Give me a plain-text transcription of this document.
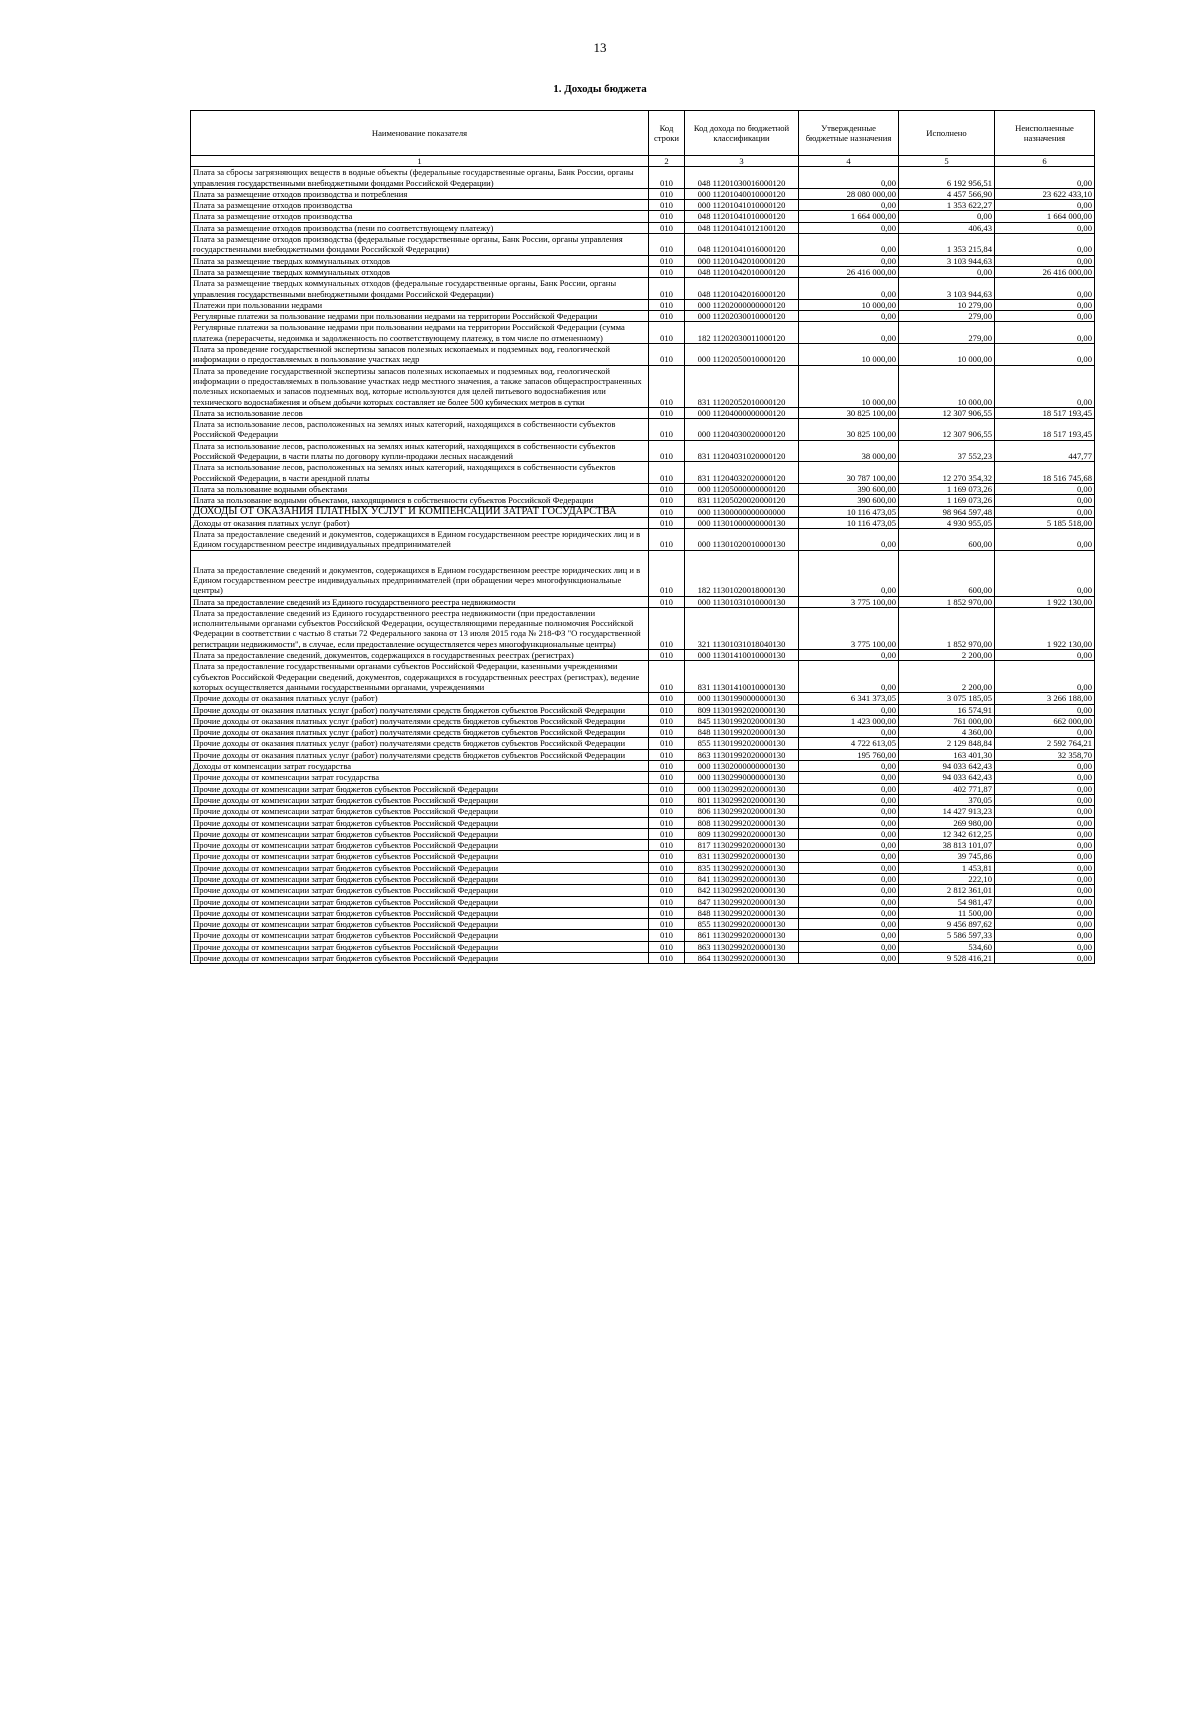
13
1. Доходы бюджета
Наименование показателя	Код строки	Код дохода по бюджетной классификации	Утвержденные бюджетные назначения	Исполнено	Неисполненные назначения
1	2	3	4	5	6
Плата за сбросы загрязняющих веществ в водные объекты (федеральные государственные органы, Банк России, органы управления государственными внебюджетными фондами Российской Федерации)	010	048 11201030016000120	0,00	6 192 956,51	0,00
Плата за размещение отходов производства и потребления	010	000 11201040010000120	28 080 000,00	4 457 566,90	23 622 433,10
Плата за размещение отходов производства	010	000 11201041010000120	0,00	1 353 622,27	0,00
Плата за размещение отходов производства	010	048 11201041010000120	1 664 000,00	0,00	1 664 000,00
Плата за размещение отходов производства (пени по соответствующему платежу)	010	048 11201041012100120	0,00	406,43	0,00
Плата за размещение отходов производства (федеральные государственные органы, Банк России, органы управления государственными внебюджетными фондами Российской Федерации)	010	048 11201041016000120	0,00	1 353 215,84	0,00
Плата за размещение твердых коммунальных отходов	010	000 11201042010000120	0,00	3 103 944,63	0,00
Плата за размещение твердых коммунальных отходов	010	048 11201042010000120	26 416 000,00	0,00	26 416 000,00
Плата за размещение твердых коммунальных отходов (федеральные государственные органы, Банк России, органы управления государственными внебюджетными фондами Российской Федерации)	010	048 11201042016000120	0,00	3 103 944,63	0,00
Платежи при пользовании недрами	010	000 11202000000000120	10 000,00	10 279,00	0,00
Регулярные платежи за пользование недрами при пользовании недрами на территории Российской Федерации	010	000 11202030010000120	0,00	279,00	0,00
Регулярные платежи за пользование недрами при пользовании недрами на территории Российской Федерации (сумма платежа (перерасчеты, недоимка и задолженность по соответствующему платежу, в том числе по отмененному)	010	182 11202030011000120	0,00	279,00	0,00
Плата за проведение государственной экспертизы запасов полезных ископаемых и подземных вод, геологической информации о предоставляемых в пользование участках недр	010	000 11202050010000120	10 000,00	10 000,00	0,00
Плата за проведение государственной экспертизы запасов полезных ископаемых и подземных вод, геологической информации о предоставляемых в пользование участках недр местного значения, а также запасов общераспространенных полезных ископаемых и запасов подземных вод, которые используются для целей питьевого водоснабжения или технического водоснабжения и объем добычи которых составляет не более 500 кубических метров в сутки	010	831 11202052010000120	10 000,00	10 000,00	0,00
Плата за использование лесов	010	000 11204000000000120	30 825 100,00	12 307 906,55	18 517 193,45
Плата за использование лесов, расположенных на землях иных категорий, находящихся в собственности субъектов Российской Федерации	010	000 11204030020000120	30 825 100,00	12 307 906,55	18 517 193,45
Плата за использование лесов, расположенных на землях иных категорий, находящихся в собственности субъектов Российской Федерации, в части платы по договору купли-продажи лесных насаждений	010	831 11204031020000120	38 000,00	37 552,23	447,77
Плата за использование лесов, расположенных на землях иных категорий, находящихся в собственности субъектов Российской Федерации, в части арендной платы	010	831 11204032020000120	30 787 100,00	12 270 354,32	18 516 745,68
Плата за пользование водными объектами	010	000 11205000000000120	390 600,00	1 169 073,26	0,00
Плата за пользование водными объектами, находящимися в собственности субъектов Российской Федерации	010	831 11205020020000120	390 600,00	1 169 073,26	0,00
ДОХОДЫ ОТ ОКАЗАНИЯ ПЛАТНЫХ УСЛУГ И КОМПЕНСАЦИИ ЗАТРАТ ГОСУДАРСТВА	010	000 11300000000000000	10 116 473,05	98 964 597,48	0,00
Доходы от оказания платных услуг (работ)	010	000 11301000000000130	10 116 473,05	4 930 955,05	5 185 518,00
Плата за предоставление сведений и документов, содержащихся в Едином государственном реестре юридических лиц и в Едином государственном реестре индивидуальных предпринимателей	010	000 11301020010000130	0,00	600,00	0,00
Плата за предоставление сведений и документов, содержащихся в Едином государственном реестре юридических лиц и в Едином государственном реестре индивидуальных предпринимателей (при обращении через многофункциональные центры)	010	182 11301020018000130	0,00	600,00	0,00
Плата за предоставление сведений из Единого государственного реестра недвижимости	010	000 11301031010000130	3 775 100,00	1 852 970,00	1 922 130,00
Плата за предоставление сведений из Единого государственного реестра недвижимости (при предоставлении исполнительными органами субъектов Российской Федерации, осуществляющими переданные полномочия Российской Федерации в соответствии с частью 8 статьи 72 Федерального закона от 13 июля 2015 года № 218-ФЗ "О государственной регистрации недвижимости", в случае, если предоставление осуществляется через многофункциональные центры)	010	321 11301031018040130	3 775 100,00	1 852 970,00	1 922 130,00
Плата за предоставление сведений, документов, содержащихся в государственных реестрах (регистрах)	010	000 11301410010000130	0,00	2 200,00	0,00
Плата за предоставление государственными органами субъектов Российской Федерации, казенными учреждениями субъектов Российской Федерации сведений, документов, содержащихся в государственных реестрах (регистрах), ведение которых осуществляется данными государственными органами, учреждениями	010	831 11301410010000130	0,00	2 200,00	0,00
Прочие доходы от оказания платных услуг (работ)	010	000 11301990000000130	6 341 373,05	3 075 185,05	3 266 188,00
Прочие доходы от оказания платных услуг (работ) получателями средств бюджетов субъектов Российской Федерации	010	809 11301992020000130	0,00	16 574,91	0,00
Прочие доходы от оказания платных услуг (работ) получателями средств бюджетов субъектов Российской Федерации	010	845 11301992020000130	1 423 000,00	761 000,00	662 000,00
Прочие доходы от оказания платных услуг (работ) получателями средств бюджетов субъектов Российской Федерации	010	848 11301992020000130	0,00	4 360,00	0,00
Прочие доходы от оказания платных услуг (работ) получателями средств бюджетов субъектов Российской Федерации	010	855 11301992020000130	4 722 613,05	2 129 848,84	2 592 764,21
Прочие доходы от оказания платных услуг (работ) получателями средств бюджетов субъектов Российской Федерации	010	863 11301992020000130	195 760,00	163 401,30	32 358,70
Доходы от компенсации затрат государства	010	000 11302000000000130	0,00	94 033 642,43	0,00
Прочие доходы от компенсации затрат государства	010	000 11302990000000130	0,00	94 033 642,43	0,00
Прочие доходы от компенсации затрат бюджетов субъектов Российской Федерации	010	000 11302992020000130	0,00	402 771,87	0,00
Прочие доходы от компенсации затрат бюджетов субъектов Российской Федерации	010	801 11302992020000130	0,00	370,05	0,00
Прочие доходы от компенсации затрат бюджетов субъектов Российской Федерации	010	806 11302992020000130	0,00	14 427 913,23	0,00
Прочие доходы от компенсации затрат бюджетов субъектов Российской Федерации	010	808 11302992020000130	0,00	269 980,00	0,00
Прочие доходы от компенсации затрат бюджетов субъектов Российской Федерации	010	809 11302992020000130	0,00	12 342 612,25	0,00
Прочие доходы от компенсации затрат бюджетов субъектов Российской Федерации	010	817 11302992020000130	0,00	38 813 101,07	0,00
Прочие доходы от компенсации затрат бюджетов субъектов Российской Федерации	010	831 11302992020000130	0,00	39 745,86	0,00
Прочие доходы от компенсации затрат бюджетов субъектов Российской Федерации	010	835 11302992020000130	0,00	1 453,81	0,00
Прочие доходы от компенсации затрат бюджетов субъектов Российской Федерации	010	841 11302992020000130	0,00	222,10	0,00
Прочие доходы от компенсации затрат бюджетов субъектов Российской Федерации	010	842 11302992020000130	0,00	2 812 361,01	0,00
Прочие доходы от компенсации затрат бюджетов субъектов Российской Федерации	010	847 11302992020000130	0,00	54 981,47	0,00
Прочие доходы от компенсации затрат бюджетов субъектов Российской Федерации	010	848 11302992020000130	0,00	11 500,00	0,00
Прочие доходы от компенсации затрат бюджетов субъектов Российской Федерации	010	855 11302992020000130	0,00	9 456 897,62	0,00
Прочие доходы от компенсации затрат бюджетов субъектов Российской Федерации	010	861 11302992020000130	0,00	5 586 597,33	0,00
Прочие доходы от компенсации затрат бюджетов субъектов Российской Федерации	010	863 11302992020000130	0,00	534,60	0,00
Прочие доходы от компенсации затрат бюджетов субъектов Российской Федерации	010	864 11302992020000130	0,00	9 528 416,21	0,00
